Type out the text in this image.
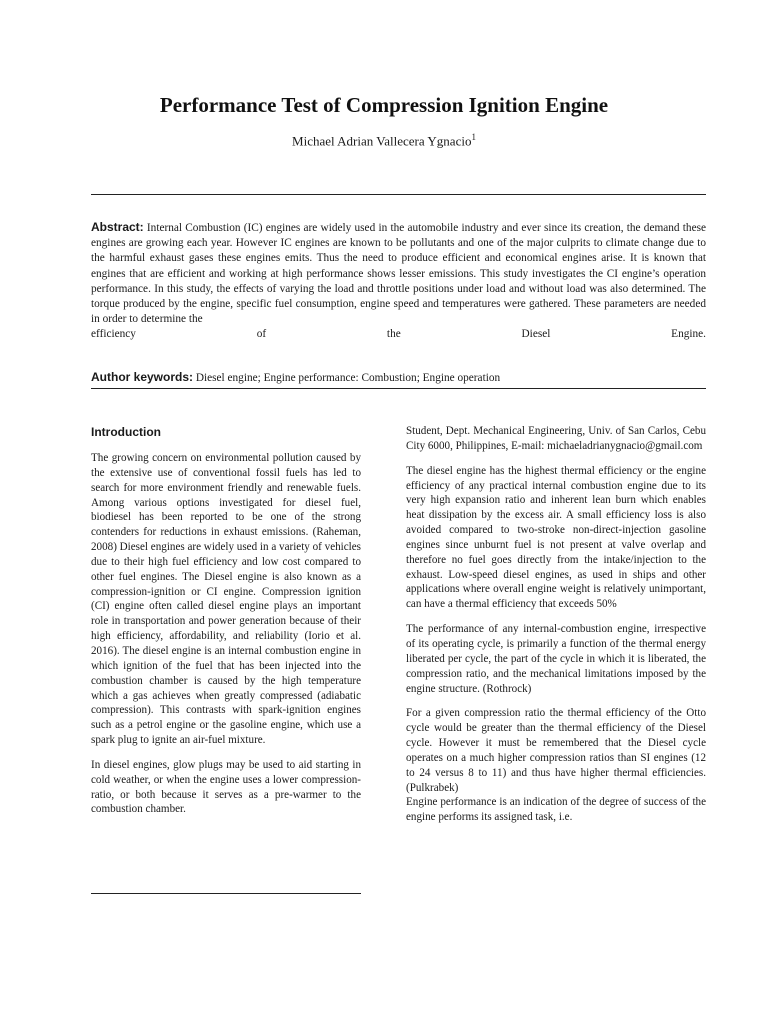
Performance Test of Compression Ignition Engine
Michael Adrian Vallecera Ygnacio$^1$
Abstract: Internal Combustion (IC) engines are widely used in the automobile industry and ever since its creation, the demand these engines are growing each year. However IC engines are known to be pollutants and one of the major culprits to climate change due to the harmful exhaust gases these engines emits. Thus the need to produce efficient and economical engines arise. It is known that engines that are efficient and working at high performance shows lesser emissions. This study investigates the CI engine’s operation performance. In this study, the effects of varying the load and throttle positions under load and without load was also determined. The torque produced by the engine, specific fuel consumption, engine speed and temperatures were gathered. These parameters are needed in order to determine the
efficiency of the Diesel Engine.
Author keywords: Diesel engine; Engine performance: Combustion; Engine operation
Introduction

The growing concern on environmental pollution caused by the extensive use of conventional fossil fuels has led to search for more environment friendly and renewable fuels. Among various options investigated for diesel fuel, biodiesel has been reported to be one of the strong contenders for reductions in exhaust emissions. (Raheman, 2008) Diesel engines are widely used in a variety of vehicles due to their high fuel efficiency and low cost compared to other fuel engines. The Diesel engine is also known as a compression-ignition or CI engine. Compression ignition (CI) engine often called diesel engine plays an important role in transportation and power generation because of their high efficiency, affordability, and reliability (Iorio et al. 2016). The diesel engine is an internal combustion engine in which ignition of the fuel that has been injected into the combustion chamber is caused by the high temperature which a gas achieves when greatly compressed (adiabatic compression). This contrasts with spark-ignition engines such as a petrol engine or the gasoline engine, which use a spark plug to ignite an air-fuel mixture.

In diesel engines, glow plugs may be used to aid starting in cold weather, or when the engine uses a lower compression-ratio, or both because it serves as a pre-warmer to the combustion chamber.

Student, Dept. Mechanical Engineering, Univ. of San Carlos, Cebu City 6000, Philippines, E-mail: michaeladrianygnacio@gmail.com

The diesel engine has the highest thermal efficiency or the engine efficiency of any practical internal combustion engine due to its very high expansion ratio and inherent lean burn which enables heat dissipation by the excess air. A small efficiency loss is also avoided compared to two-stroke non-direct-injection gasoline engines since unburnt fuel is not present at valve overlap and therefore no fuel goes directly from the intake/injection to the exhaust. Low-speed diesel engines, as used in ships and other applications where overall engine weight is relatively unimportant, can have a thermal efficiency that exceeds 50%

The performance of any internal-combustion engine, irrespective of its operating cycle, is primarily a function of the thermal energy liberated per cycle, the part of the cycle in which it is liberated, the compression ratio, and the mechanical limitations imposed by the engine structure. (Rothrock)

For a given compression ratio the thermal efficiency of the Otto cycle would be greater than the thermal efficiency of the Diesel cycle. However it must be remembered that the Diesel cycle operates on a much higher compression ratios than SI engines (12 to 24 versus 8 to 11) and thus have higher thermal efficiencies. (Pulkrabek)

Engine performance is an indication of the degree of success of the engine performs its assigned task, i.e.
